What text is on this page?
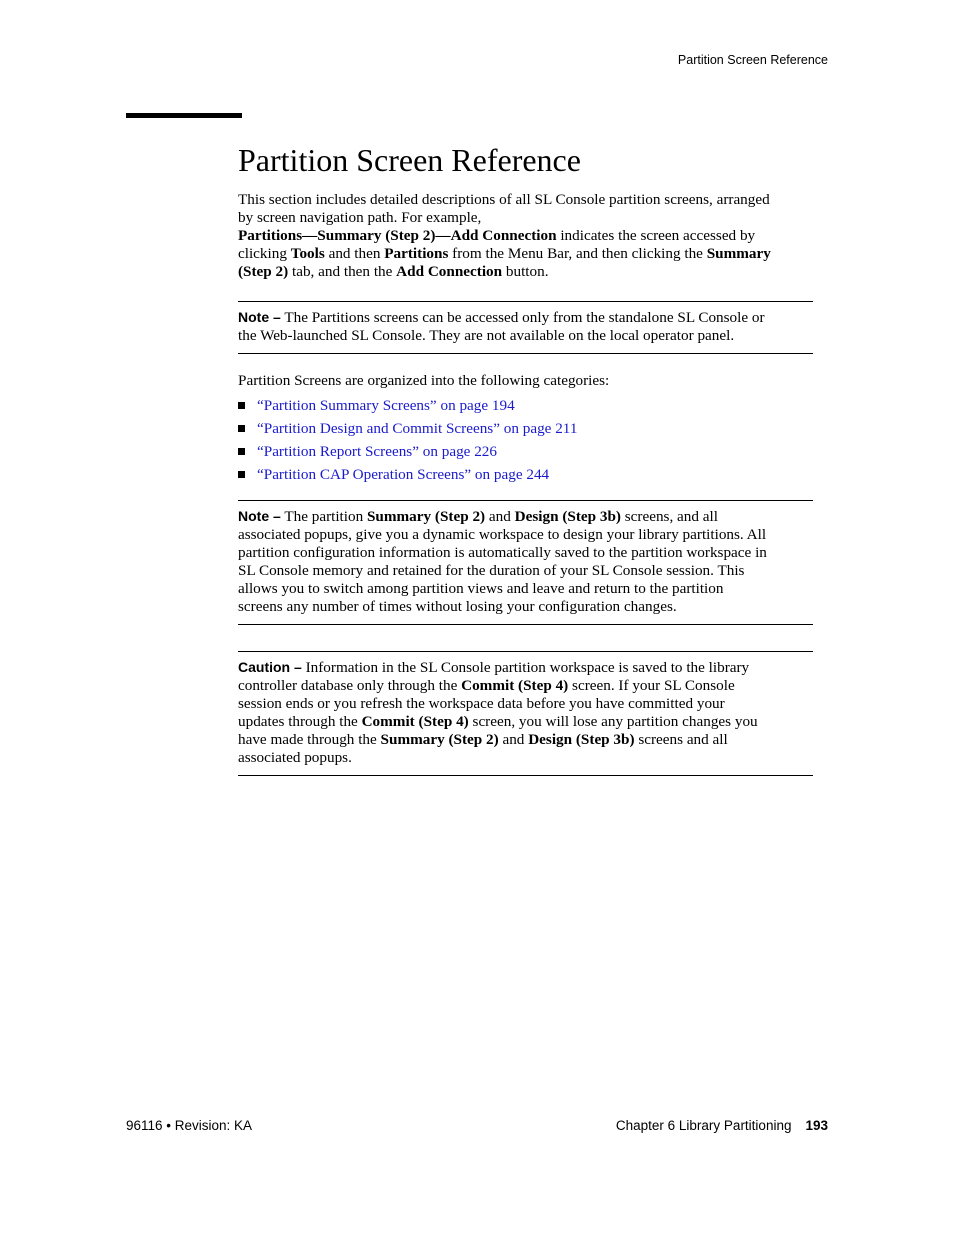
Partition Screen Reference
Partition Screen Reference
This section includes detailed descriptions of all SL Console partition screens, arranged
by screen navigation path. For example,
Partitions—Summary (Step 2)—Add Connection indicates the screen accessed by
clicking Tools and then Partitions from the Menu Bar, and then clicking the Summary
(Step 2) tab, and then the Add Connection button.
Note – The Partitions screens can be accessed only from the standalone SL Console or
the Web-launched SL Console. They are not available on the local operator panel.

Partition Screens are organized into the following categories:

“Partition Summary Screens” on page 194
“Partition Design and Commit Screens” on page 211
“Partition Report Screens” on page 226
“Partition CAP Operation Screens” on page 244
Note – The partition Summary (Step 2) and Design (Step 3b) screens, and all
associated popups, give you a dynamic workspace to design your library partitions. All
partition configuration information is automatically saved to the partition workspace in
SL Console memory and retained for the duration of your SL Console session. This
allows you to switch among partition views and leave and return to the partition
screens any number of times without losing your configuration changes.
Caution – Information in the SL Console partition workspace is saved to the library
controller database only through the Commit (Step 4) screen. If your SL Console
session ends or you refresh the workspace data before you have committed your
updates through the Commit (Step 4) screen, you will lose any partition changes you
have made through the Summary (Step 2) and Design (Step 3b) screens and all
associated popups.
96116 • Revision: KA	Chapter 6 Library Partitioning 193
